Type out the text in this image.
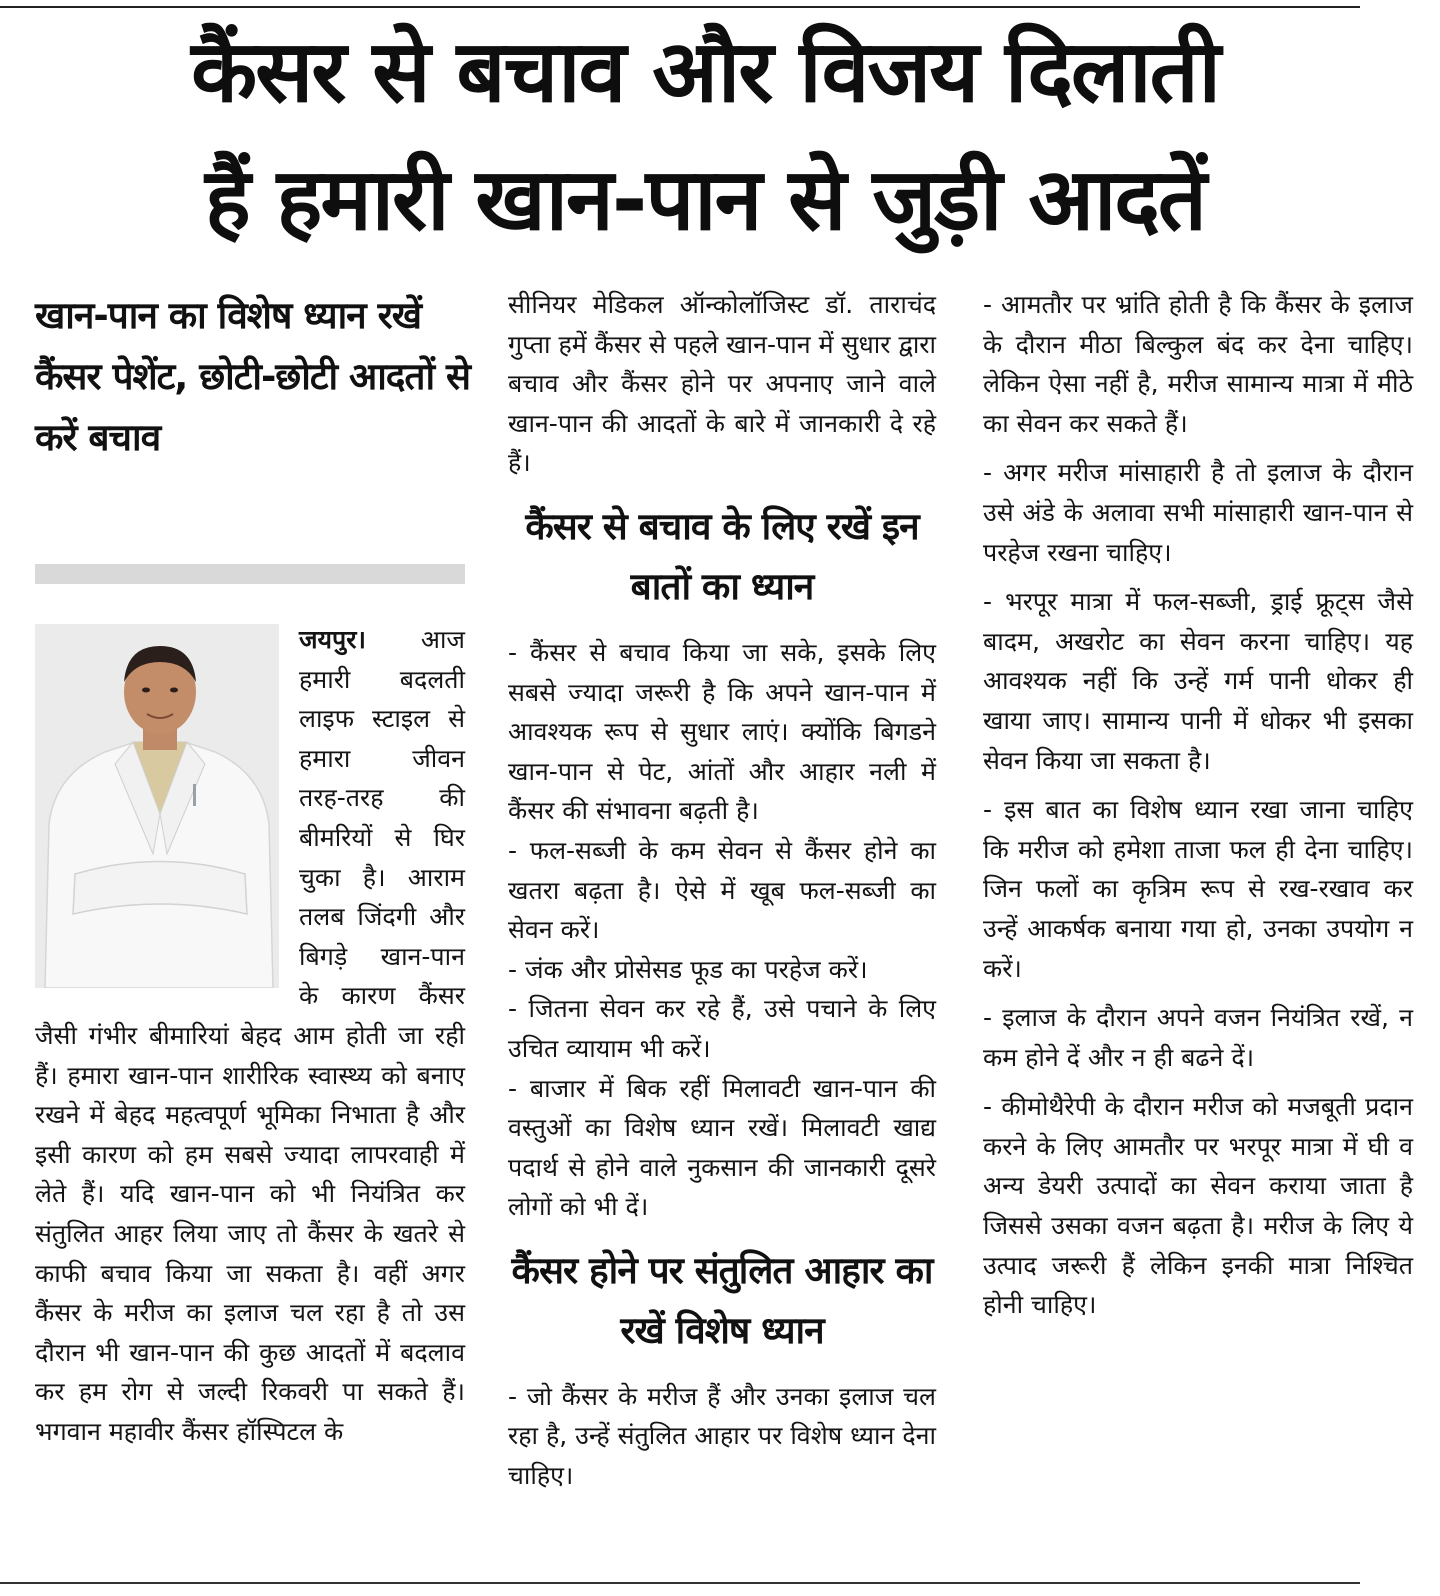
कैंसर से बचाव और विजय दिलाती
हैं हमारी खान-पान से जुड़ी आदतें
खान-पान का विशेष ध्यान रखें कैंसर पेशेंट, छोटी-छोटी आदतों से करें बचाव

जयपुर। आज हमारी बदलती लाइफ स्टाइल से हमारा जीवन तरह-तरह की बीमरियों से घिर चुका है। आराम तलब जिंदगी और बिगड़े खान-पान के कारण कैंसर जैसी गंभीर बीमारियां बेहद आम होती जा रही हैं। हमारा खान-पान शारीरिक स्वास्थ्य को बनाए रखने में बेहद महत्वपूर्ण भूमिका निभाता है और इसी कारण को हम सबसे ज्यादा लापरवाही में लेते हैं। यदि खान-पान को भी नियंत्रित कर संतुलित आहर लिया जाए तो कैंसर के खतरे से काफी बचाव किया जा सकता है। वहीं अगर कैंसर के मरीज का इलाज चल रहा है तो उस दौरान भी खान-पान की कुछ आदतों में बदलाव कर हम रोग से जल्दी रिकवरी पा सकते हैं। भगवान महावीर कैंसर हॉस्पिटल के

सीनियर मेडिकल ऑन्कोलॉजिस्ट डॉ. ताराचंद गुप्ता हमें कैंसर से पहले खान-पान में सुधार द्वारा बचाव और कैंसर होने पर अपनाए जाने वाले खान-पान की आदतों के बारे में जानकारी दे रहे हैं।

कैंसर से बचाव के लिए रखें इन बातों का ध्यान

- कैंसर से बचाव किया जा सके, इसके लिए सबसे ज्यादा जरूरी है कि अपने खान-पान में आवश्यक रूप से सुधार लाएं। क्योंकि बिगडने खान-पान से पेट, आंतों और आहार नली में कैंसर की संभावना बढ़ती है।

- फल-सब्जी के कम सेवन से कैंसर होने का खतरा बढ़ता है। ऐसे में खूब फल-सब्जी का सेवन करें।

- जंक और प्रोसेसड फूड का परहेज करें।

- जितना सेवन कर रहे हैं, उसे पचाने के लिए उचित व्यायाम भी करें।

- बाजार में बिक रहीं मिलावटी खान-पान की वस्तुओं का विशेष ध्यान रखें। मिलावटी खाद्य पदार्थ से होने वाले नुकसान की जानकारी दूसरे लोगों को भी दें।

कैंसर होने पर संतुलित आहार का रखें विशेष ध्यान

- जो कैंसर के मरीज हैं और उनका इलाज चल रहा है, उन्हें संतुलित आहार पर विशेष ध्यान देना चाहिए।

- आमतौर पर भ्रांति होती है कि कैंसर के इलाज के दौरान मीठा बिल्कुल बंद कर देना चाहिए। लेकिन ऐसा नहीं है, मरीज सामान्य मात्रा में मीठे का सेवन कर सकते हैं।

- अगर मरीज मांसाहारी है तो इलाज के दौरान उसे अंडे के अलावा सभी मांसाहारी खान-पान से परहेज रखना चाहिए।

- भरपूर मात्रा में फल-सब्जी, ड्राई फ्रूट्स जैसे बादम, अखरोट का सेवन करना चाहिए। यह आवश्यक नहीं कि उन्हें गर्म पानी धोकर ही खाया जाए। सामान्य पानी में धोकर भी इसका सेवन किया जा सकता है।

- इस बात का विशेष ध्यान रखा जाना चाहिए कि मरीज को हमेशा ताजा फल ही देना चाहिए। जिन फलों का कृत्रिम रूप से रख-रखाव कर उन्हें आकर्षक बनाया गया हो, उनका उपयोग न करें।

- इलाज के दौरान अपने वजन नियंत्रित रखें, न कम होने दें और न ही बढने दें।

- कीमोथैरेपी के दौरान मरीज को मजबूती प्रदान करने के लिए आमतौर पर भरपूर मात्रा में घी व अन्य डेयरी उत्पादों का सेवन कराया जाता है जिससे उसका वजन बढ़ता है। मरीज के लिए ये उत्पाद जरूरी हैं लेकिन इनकी मात्रा निश्चित होनी चाहिए।
